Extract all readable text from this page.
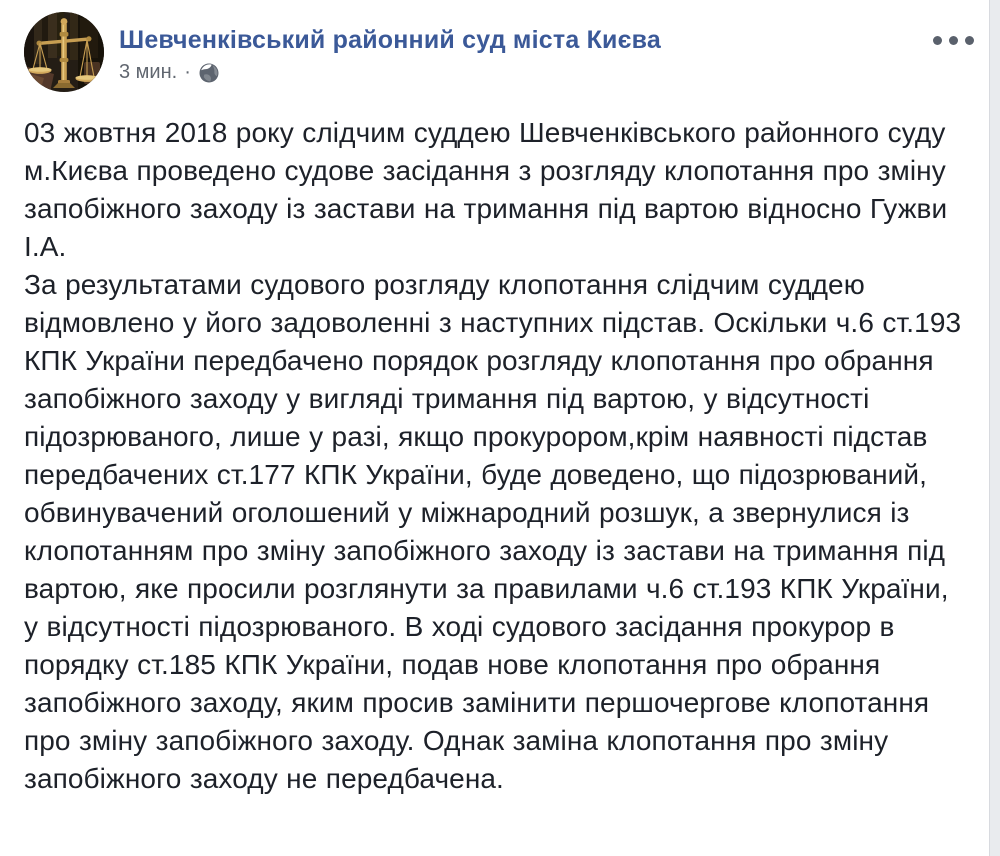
Шевченківський районний суд міста Києва
3 мин. ·

03 жовтня 2018 року слідчим суддею Шевченківського районного суду м.Києва проведено судове засідання з розгляду клопотання про зміну запобіжного заходу із застави на тримання під вартою відносно Гужви І.А.

За результатами судового розгляду клопотання слідчим суддею відмовлено у його задоволенні з наступних підстав. Оскільки ч.6 ст.193 КПК України передбачено порядок розгляду клопотання про обрання запобіжного заходу у вигляді тримання під вартою, у відсутності підозрюваного, лише у разі, якщо прокурором,крім наявності підстав передбачених ст.177 КПК України, буде доведено, що підозрюваний, обвинувачений оголошений у міжнародний розшук, а звернулися із клопотанням про зміну запобіжного заходу із застави на тримання під вартою, яке просили розглянути за правилами ч.6 ст.193 КПК України, у відсутності підозрюваного. В ході судового засідання прокурор в порядку ст.185 КПК України, подав нове клопотання про обрання запобіжного заходу, яким просив замінити першочергове клопотання про зміну запобіжного заходу. Однак заміна клопотання про зміну запобіжного заходу не передбачена.
